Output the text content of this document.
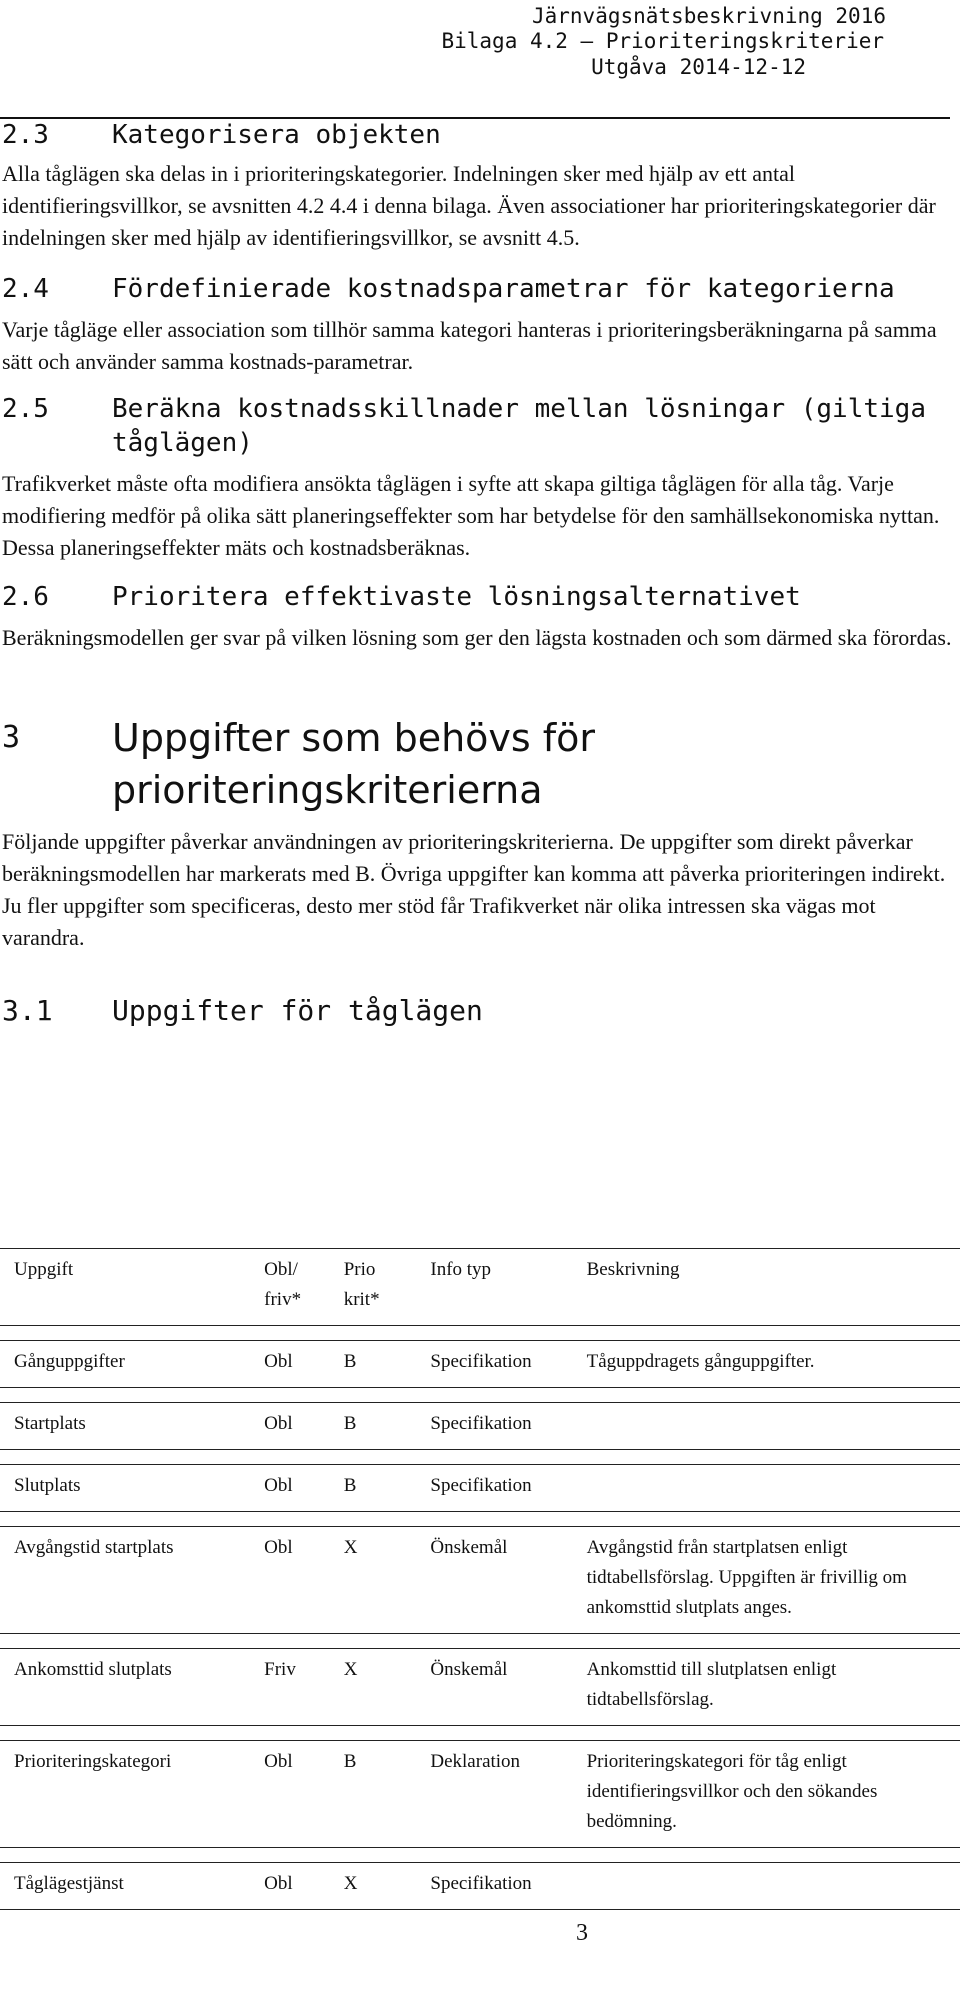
Järnvägsnätsbeskrivning 2016
Bilaga 4.2 – Prioriteringskriterier
Utgåva 2014-12-12
2.3	Kategorisera objekten

Alla tåglägen ska delas in i prioriteringskategorier. Indelningen sker med hjälp av ett antal identifieringsvillkor, se avsnitten 4.2 4.4 i denna bilaga. Även associationer har prioriteringskategorier där indelningen sker med hjälp av identifieringsvillkor, se avsnitt 4.5.

2.4	Fördefinierade kostnadsparametrar för kategorierna

Varje tågläge eller association som tillhör samma kategori hanteras i prioriteringsberäkningarna på samma sätt och använder samma kostnads-parametrar.

2.5	Beräkna kostnadsskillnader mellan lösningar (giltiga tåglägen)

Trafikverket måste ofta modifiera ansökta tåglägen i syfte att skapa giltiga tåglägen för alla tåg. Varje modifiering medför på olika sätt planeringseffekter som har betydelse för den samhällsekonomiska nyttan. Dessa planeringseffekter mäts och kostnadsberäknas.

2.6	Prioritera effektivaste lösningsalternativet

Beräkningsmodellen ger svar på vilken lösning som ger den lägsta kostnaden och som därmed ska förordas.

3	Uppgifter som behövs för prioriteringskriterierna

Följande uppgifter påverkar användningen av prioriteringskriterierna. De uppgifter som direkt påverkar beräkningsmodellen har markerats med B. Övriga uppgifter kan komma att påverka prioriteringen indirekt. Ju fler uppgifter som specificeras, desto mer stöd får Trafikverket när olika intressen ska vägas mot varandra.

3.1	Uppgifter för tåglägen
Uppgift	Obl/ friv*	Prio krit*	Info typ	Beskrivning

Gånguppgifter	Obl	B	Specifikation	Tåguppdragets gånguppgifter.

Startplats	Obl	B	Specifikation	

Slutplats	Obl	B	Specifikation	

Avgångstid startplats	Obl	X	Önskemål	Avgångstid från startplatsen enligt tidtabellsförslag. Uppgiften är frivillig om ankomsttid slutplats anges.

Ankomsttid slutplats	Friv	X	Önskemål	Ankomsttid till slutplatsen enligt tidtabellsförslag.

Prioriteringskategori	Obl	B	Deklaration	Prioriteringskategori för tåg enligt identifieringsvillkor och den sökandes bedömning.

Tåglägestjänst	Obl	X	Specifikation	
3
